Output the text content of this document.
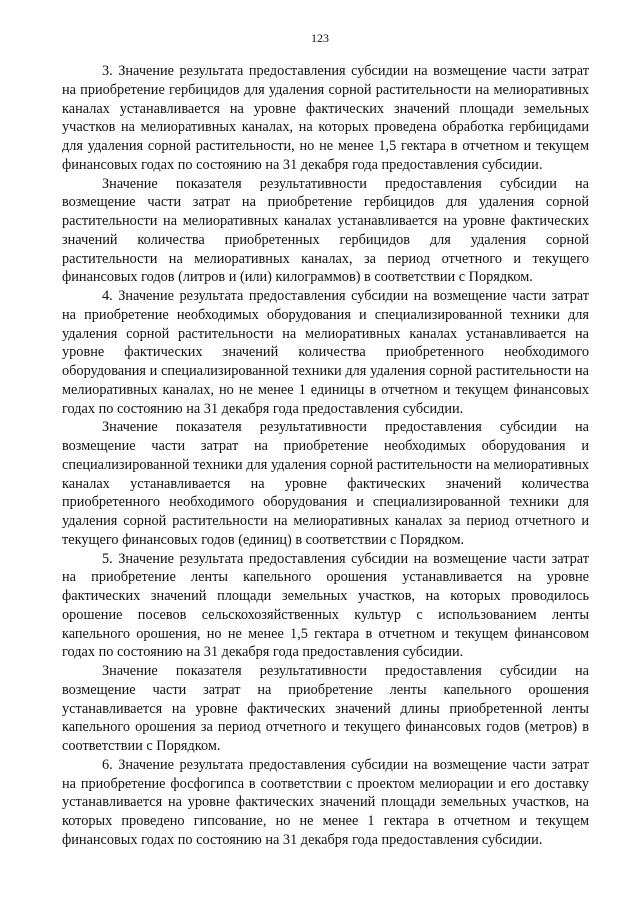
123

3. Значение результата предоставления субсидии на возмещение части затрат на приобретение гербицидов для удаления сорной растительности на мелиоративных каналах устанавливается на уровне фактических значений площади земельных участков на мелиоративных каналах, на которых проведена обработка гербицидами для удаления сорной растительности, но не менее 1,5 гектара в отчетном и текущем финансовых годах по состоянию на 31 декабря года предоставления субсидии.

Значение показателя результативности предоставления субсидии на возмещение части затрат на приобретение гербицидов для удаления сорной растительности на мелиоративных каналах устанавливается на уровне фактических значений количества приобретенных гербицидов для удаления сорной растительности на мелиоративных каналах, за период отчетного и текущего финансовых годов (литров и (или) килограммов) в соответствии с Порядком.

4. Значение результата предоставления субсидии на возмещение части затрат на приобретение необходимых оборудования и специализированной техники для удаления сорной растительности на мелиоративных каналах устанавливается на уровне фактических значений количества приобретенного необходимого оборудования и специализированной техники для удаления сорной растительности на мелиоративных каналах, но не менее 1 единицы в отчетном и текущем финансовых годах по состоянию на 31 декабря года предоставления субсидии.

Значение показателя результативности предоставления субсидии на возмещение части затрат на приобретение необходимых оборудования и специализированной техники для удаления сорной растительности на мелиоративных каналах устанавливается на уровне фактических значений количества приобретенного необходимого оборудования и специализированной техники для удаления сорной растительности на мелиоративных каналах за период отчетного и текущего финансовых годов (единиц) в соответствии с Порядком.

5. Значение результата предоставления субсидии на возмещение части затрат на приобретение ленты капельного орошения устанавливается на уровне фактических значений площади земельных участков, на которых проводилось орошение посевов сельскохозяйственных культур с использованием ленты капельного орошения, но не менее 1,5 гектара в отчетном и текущем финансовом годах по состоянию на 31 декабря года предоставления субсидии.

Значение показателя результативности предоставления субсидии на возмещение части затрат на приобретение ленты капельного орошения устанавливается на уровне фактических значений длины приобретенной ленты капельного орошения за период отчетного и текущего финансовых годов (метров) в соответствии с Порядком.

6. Значение результата предоставления субсидии на возмещение части затрат на приобретение фосфогипса в соответствии с проектом мелиорации и его доставку устанавливается на уровне фактических значений площади земельных участков, на которых проведено гипсование, но не менее 1 гектара в отчетном и текущем финансовых годах по состоянию на 31 декабря года предоставления субсидии.
